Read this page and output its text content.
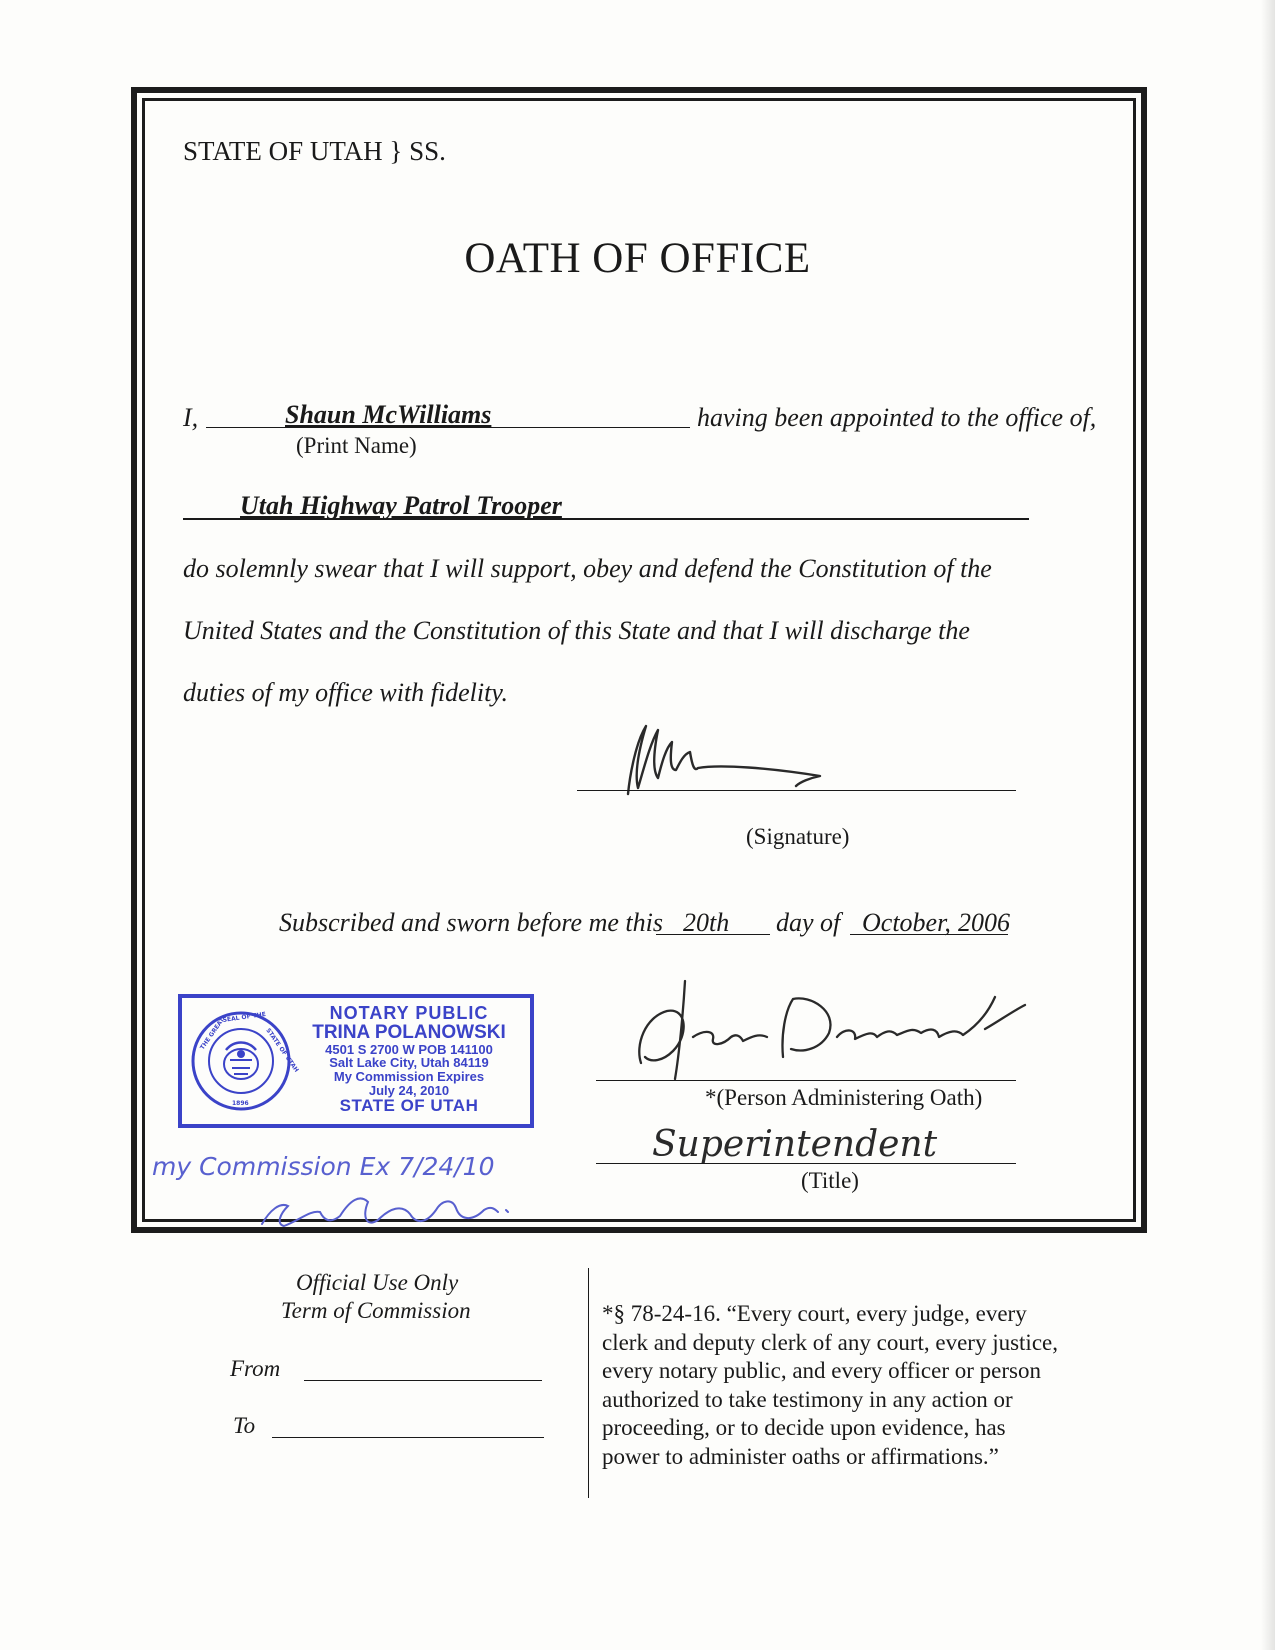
STATE OF UTAH } SS.
OATH OF OFFICE
I,	Shaun McWilliams	having been appointed to the office of,
(Print Name)
Utah Highway Patrol Trooper
do solemnly swear that I will support, obey and defend the Constitution of the
United States and the Constitution of this State and that I will discharge the
duties of my office with fidelity.
(Signature)
Subscribed and sworn before me this 20th day of October, 2006
THE GREAT
SEAL OF THE
STATE OF UTAH
1896
NOTARY PUBLIC
TRINA POLANOWSKI
4501 S 2700 W POB 141100
Salt Lake City, Utah 84119
My Commission Expires
July 24, 2010
STATE OF UTAH
my Commission Ex 7/24/10
*(Person Administering Oath)
Superintendent
(Title)
Official Use Only
Term of Commission
From
To
*§ 78-24-16. “Every court, every judge, every
clerk and deputy clerk of any court, every justice,
every notary public, and every officer or person
authorized to take testimony in any action or
proceeding, or to decide upon evidence, has
power to administer oaths or affirmations.”
